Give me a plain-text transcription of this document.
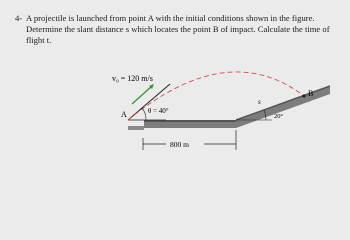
4- A projectile is launched from point A with the initial conditions shown in the figure. Determine the slant distance s which locates the point B of impact. Calculate the time of flight t.

v₀ = 120 m/s
θ = 40°
800 m
A
B
s
20°
